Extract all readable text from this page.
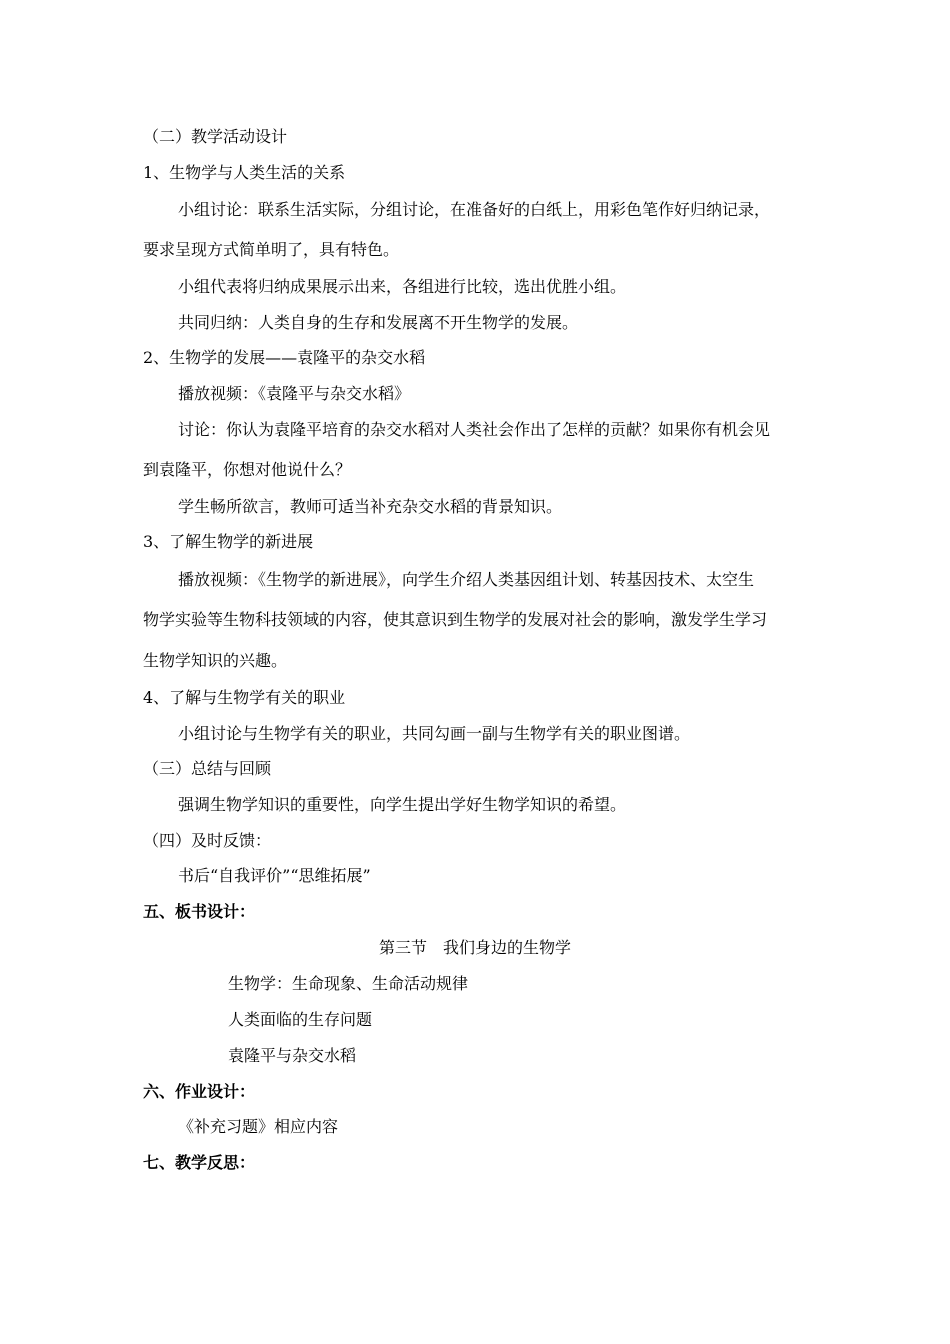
（二）教学活动设计
1、生物学与人类生活的关系
小组讨论：联系生活实际，分组讨论，在准备好的白纸上，用彩色笔作好归纳记录，
要求呈现方式简单明了，具有特色。
小组代表将归纳成果展示出来，各组进行比较，选出优胜小组。
共同归纳：人类自身的生存和发展离不开生物学的发展。
2、生物学的发展——袁隆平的杂交水稻
播放视频：《袁隆平与杂交水稻》
讨论：你认为袁隆平培育的杂交水稻对人类社会作出了怎样的贡献？如果你有机会见
到袁隆平，你想对他说什么？
学生畅所欲言，教师可适当补充杂交水稻的背景知识。
3、了解生物学的新进展
播放视频：《生物学的新进展》，向学生介绍人类基因组计划、转基因技术、太空生
物学实验等生物科技领域的内容，使其意识到生物学的发展对社会的影响，激发学生学习
生物学知识的兴趣。
4、了解与生物学有关的职业
小组讨论与生物学有关的职业，共同勾画一副与生物学有关的职业图谱。
（三）总结与回顾
强调生物学知识的重要性，向学生提出学好生物学知识的希望。
（四）及时反馈：
书后“自我评价”“思维拓展”
五、板书设计：
第三节　我们身边的生物学
生物学：生命现象、生命活动规律
人类面临的生存问题
袁隆平与杂交水稻
六、作业设计：
《补充习题》相应内容
七、教学反思：
